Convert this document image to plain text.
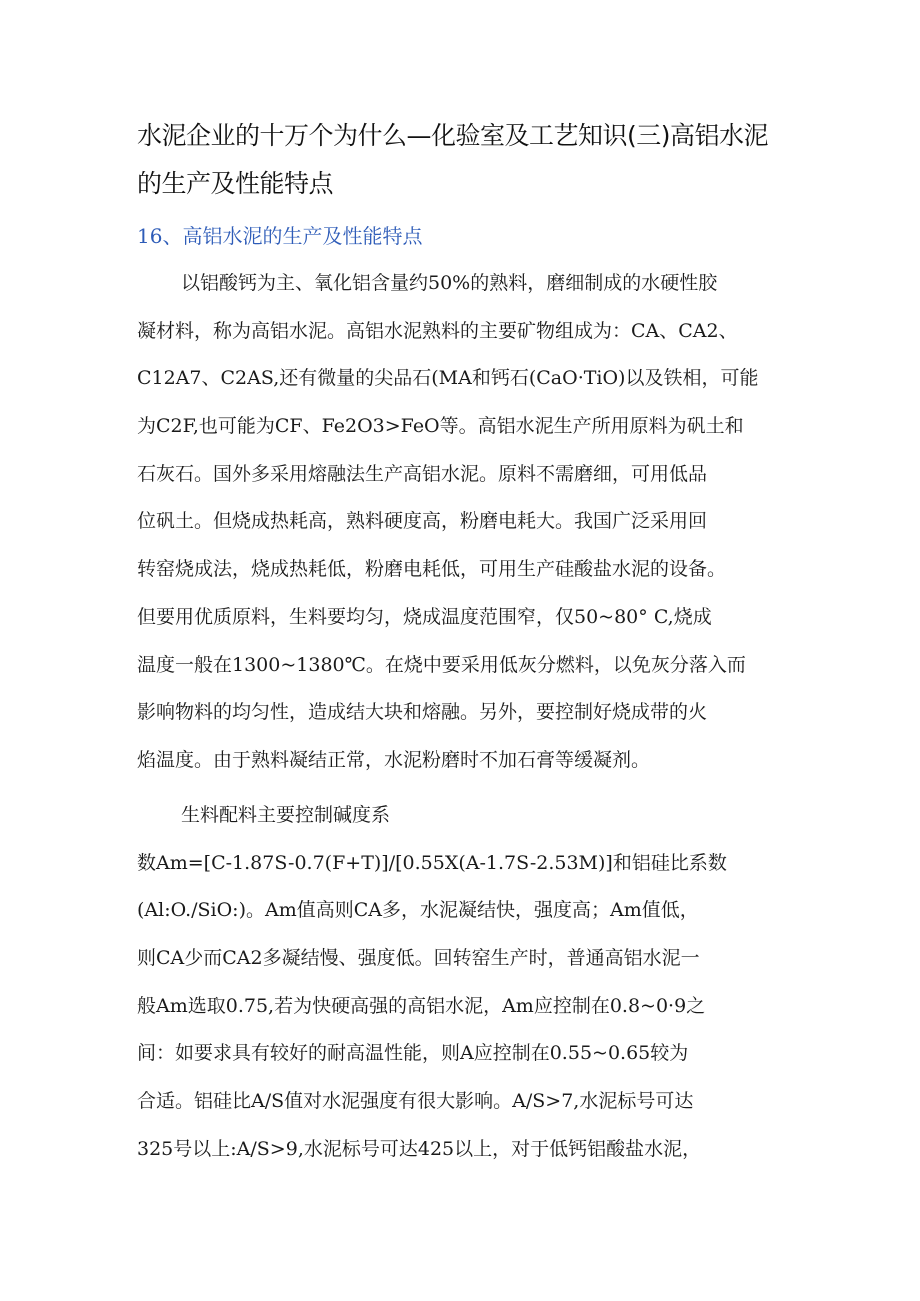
水泥企业的十万个为什么—化验室及工艺知识(三)高铝水泥
的生产及性能特点
16、高铝水泥的生产及性能特点
以铝酸钙为主、氧化铝含量约50%的熟料，磨细制成的水硬性胶
凝材料，称为高铝水泥。高铝水泥熟料的主要矿物组成为：CA、CA2、
C12A7、C2AS,还有微量的尖品石(MA和钙石(CaO·TiO)以及铁相，可能
为C2F,也可能为CF、Fe2O3>FeO等。高铝水泥生产所用原料为矾土和
石灰石。国外多采用熔融法生产高铝水泥。原料不需磨细，可用低品
位矾土。但烧成热耗高，熟料硬度高，粉磨电耗大。我国广泛采用回
转窑烧成法，烧成热耗低，粉磨电耗低，可用生产硅酸盐水泥的设备。
但要用优质原料，生料要均匀，烧成温度范围窄，仅50~80° C,烧成
温度一般在1300~1380℃。在烧中要采用低灰分燃料，以免灰分落入而
影响物料的均匀性，造成结大块和熔融。另外，要控制好烧成带的火
焰温度。由于熟料凝结正常，水泥粉磨时不加石膏等缓凝剂。
生料配料主要控制碱度系
数Am=[C-1.87S-0.7(F+T)]/[0.55X(A-1.7S-2.53M)]和铝硅比系数
(Al:O./SiO:)。Am值高则CA多，水泥凝结快，强度高；Am值低，
则CA少而CA2多凝结慢、强度低。回转窑生产时，普通高铝水泥一
般Am选取0.75,若为快硬高强的高铝水泥，Am应控制在0.8~0·9之
间：如要求具有较好的耐高温性能，则A应控制在0.55~0.65较为
合适。铝硅比A/S值对水泥强度有很大影响。A/S>7,水泥标号可达
325号以上:A/S>9,水泥标号可达425以上，对于低钙铝酸盐水泥，
